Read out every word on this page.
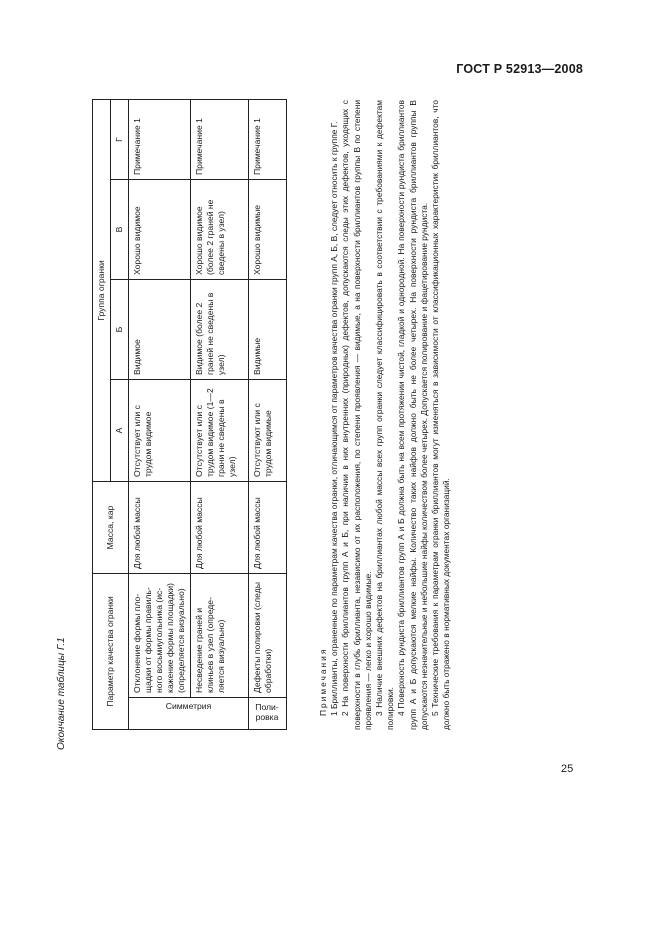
ГОСТ Р 52913—2008
Окончание таблицы Г.1	Параметр качества огранки		Масса, кар	Группа огранки			
			А	Б	В	Г
Симметрия	Отклонение формы пло-щадки от формы правиль-ного восьмиугольника (ис-кажение формы площадки) (определяется визуально)	Для любой массы	Отсутствует или с трудом видимое	Видимое	Хорошо видимое	Примечание 1
	Несведение граней и клиньев в узел (опреде-ляется визуально)	Для любой массы	Отсутствует или с трудом видимое (1—2 грани не сведены в узел)	Видимое (более 2 граней не сведены в узел)	Хорошо видимое (более 2 граней не сведены в узел)	Примечание 1
Поли-ровка	Дефекты полировки (следы обработки)	Для любой массы	Отсутствуют или с трудом видимые	Видимые	Хорошо видимые	Примечание 1

Примечания 1 Бриллианты, ограненные по параметрам качества огранки, отличающимся от параметров качества огранки групп А, Б, В, следует относить к группе Г. 2 На поверхности бриллиантов групп А и Б, при наличии в них внутренних (природных) дефектов, допускаются следы этих дефектов, уходящих с поверхности в глубь бриллианта, независимо от их расположения, по степени проявления — видимые, а на поверхности бриллиантов группы В по степени проявления — легко и хорошо видимые. 3 Наличие внешних дефектов на бриллиантах любой массы всех групп огранки следует классифицировать в соответствии с требованиями к дефектам полировки. 4 Поверхность рундиста бриллиантов групп А и Б должна быть на всем протяжении чистой, гладкой и однородной. На поверхности рундиста бриллиантов групп А и Б допускаются мелкие найфы. Количество таких найфов должно быть не более четырех. На поверхности рундиста бриллиантов группы В допускаются незначительные и небольшие найфы количеством более четырех. Допускается полирование и фацетирование рундиста. 5 Технические требования к параметрам огранки бриллиантов могут изменяться в зависимости от классификационных характеристик бриллиантов, что должно быть отражено в нормативных документах организаций.

25
